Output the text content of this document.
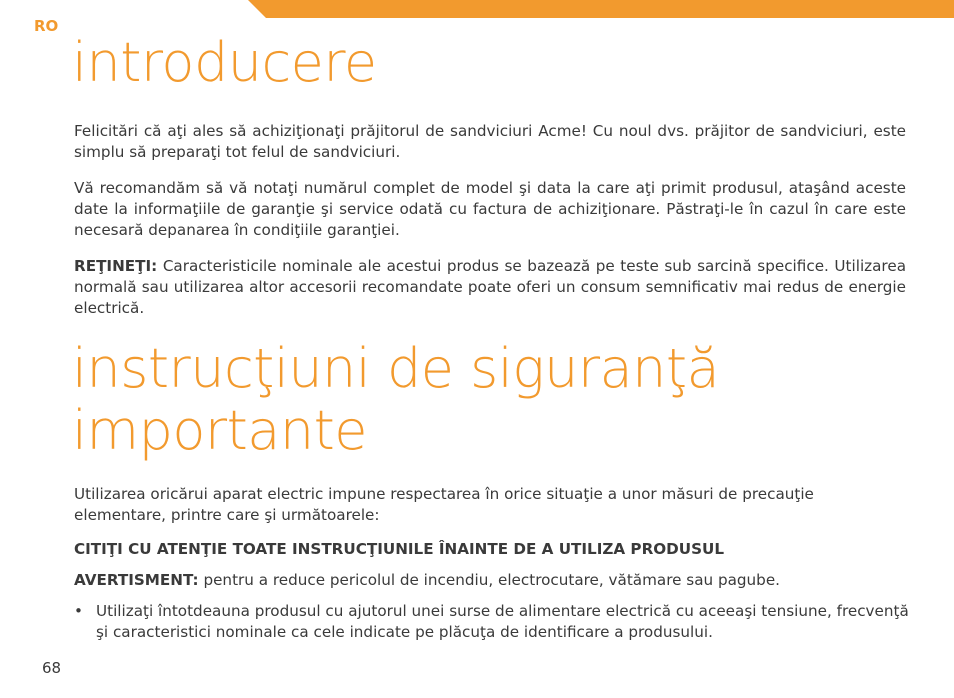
RO
introducere

Felicitări că aţi ales să achiziţionaţi prăjitorul de sandviciuri Acme! Cu noul dvs. prăjitor de sandviciuri, este simplu să preparaţi tot felul de sandviciuri.

Vă recomandăm să vă notaţi numărul complet de model şi data la care aţi primit produsul, ataşând aceste date la informaţiile de garanţie şi service odată cu factura de achiziţionare. Păstraţi-le în cazul în care este necesară depanarea în condiţiile garanţiei.

REŢINEŢI: Caracteristicile nominale ale acestui produs se bazează pe teste sub sarcină specifice. Utilizarea normală sau utilizarea altor accesorii recomandate poate oferi un consum semnificativ mai redus de energie electrică.

instrucţiuni de siguranţă importante

Utilizarea oricărui aparat electric impune respectarea în orice situaţie a unor măsuri de precauţie elementare, printre care şi următoarele:

CITIŢI CU ATENŢIE TOATE INSTRUCŢIUNILE ÎNAINTE DE A UTILIZA PRODUSUL

AVERTISMENT: pentru a reduce pericolul de incendiu, electrocutare, vătămare sau pagube.

• Utilizaţi întotdeauna produsul cu ajutorul unei surse de alimentare electrică cu aceeaşi tensiune, frecvenţă şi caracteristici nominale ca cele indicate pe plăcuţa de identificare a produsului.
68
